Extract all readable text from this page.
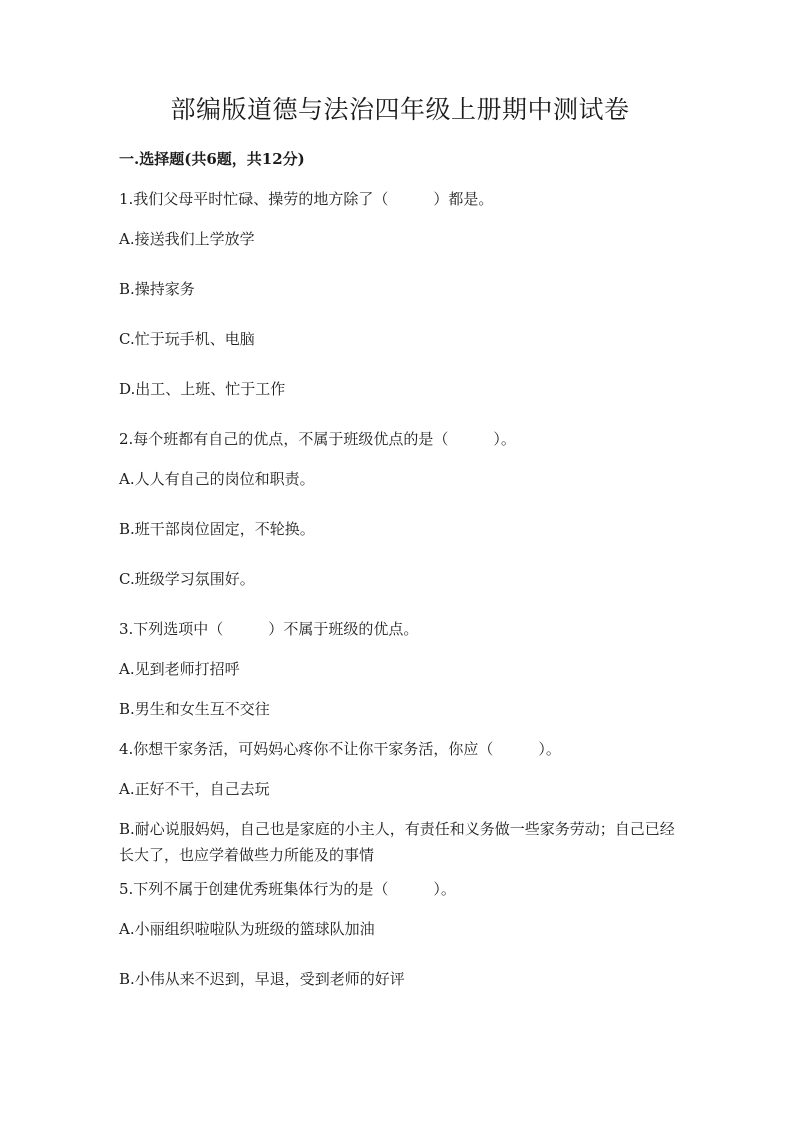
部编版道德与法治四年级上册期中测试卷
一.选择题(共6题，共12分)
1.我们父母平时忙碌、操劳的地方除了（　　　）都是。
A.接送我们上学放学
B.操持家务
C.忙于玩手机、电脑
D.出工、上班、忙于工作
2.每个班都有自己的优点，不属于班级优点的是（　　　）。
A.人人有自己的岗位和职责。
B.班干部岗位固定，不轮换。
C.班级学习氛围好。
3.下列选项中（　　　）不属于班级的优点。
A.见到老师打招呼
B.男生和女生互不交往
4.你想干家务活，可妈妈心疼你不让你干家务活，你应（　　　）。
A.正好不干，自己去玩
B.耐心说服妈妈，自己也是家庭的小主人，有责任和义务做一些家务劳动；自己已经长大了，也应学着做些力所能及的事情
5.下列不属于创建优秀班集体行为的是（　　　）。
A.小丽组织啦啦队为班级的篮球队加油
B.小伟从来不迟到，早退，受到老师的好评
